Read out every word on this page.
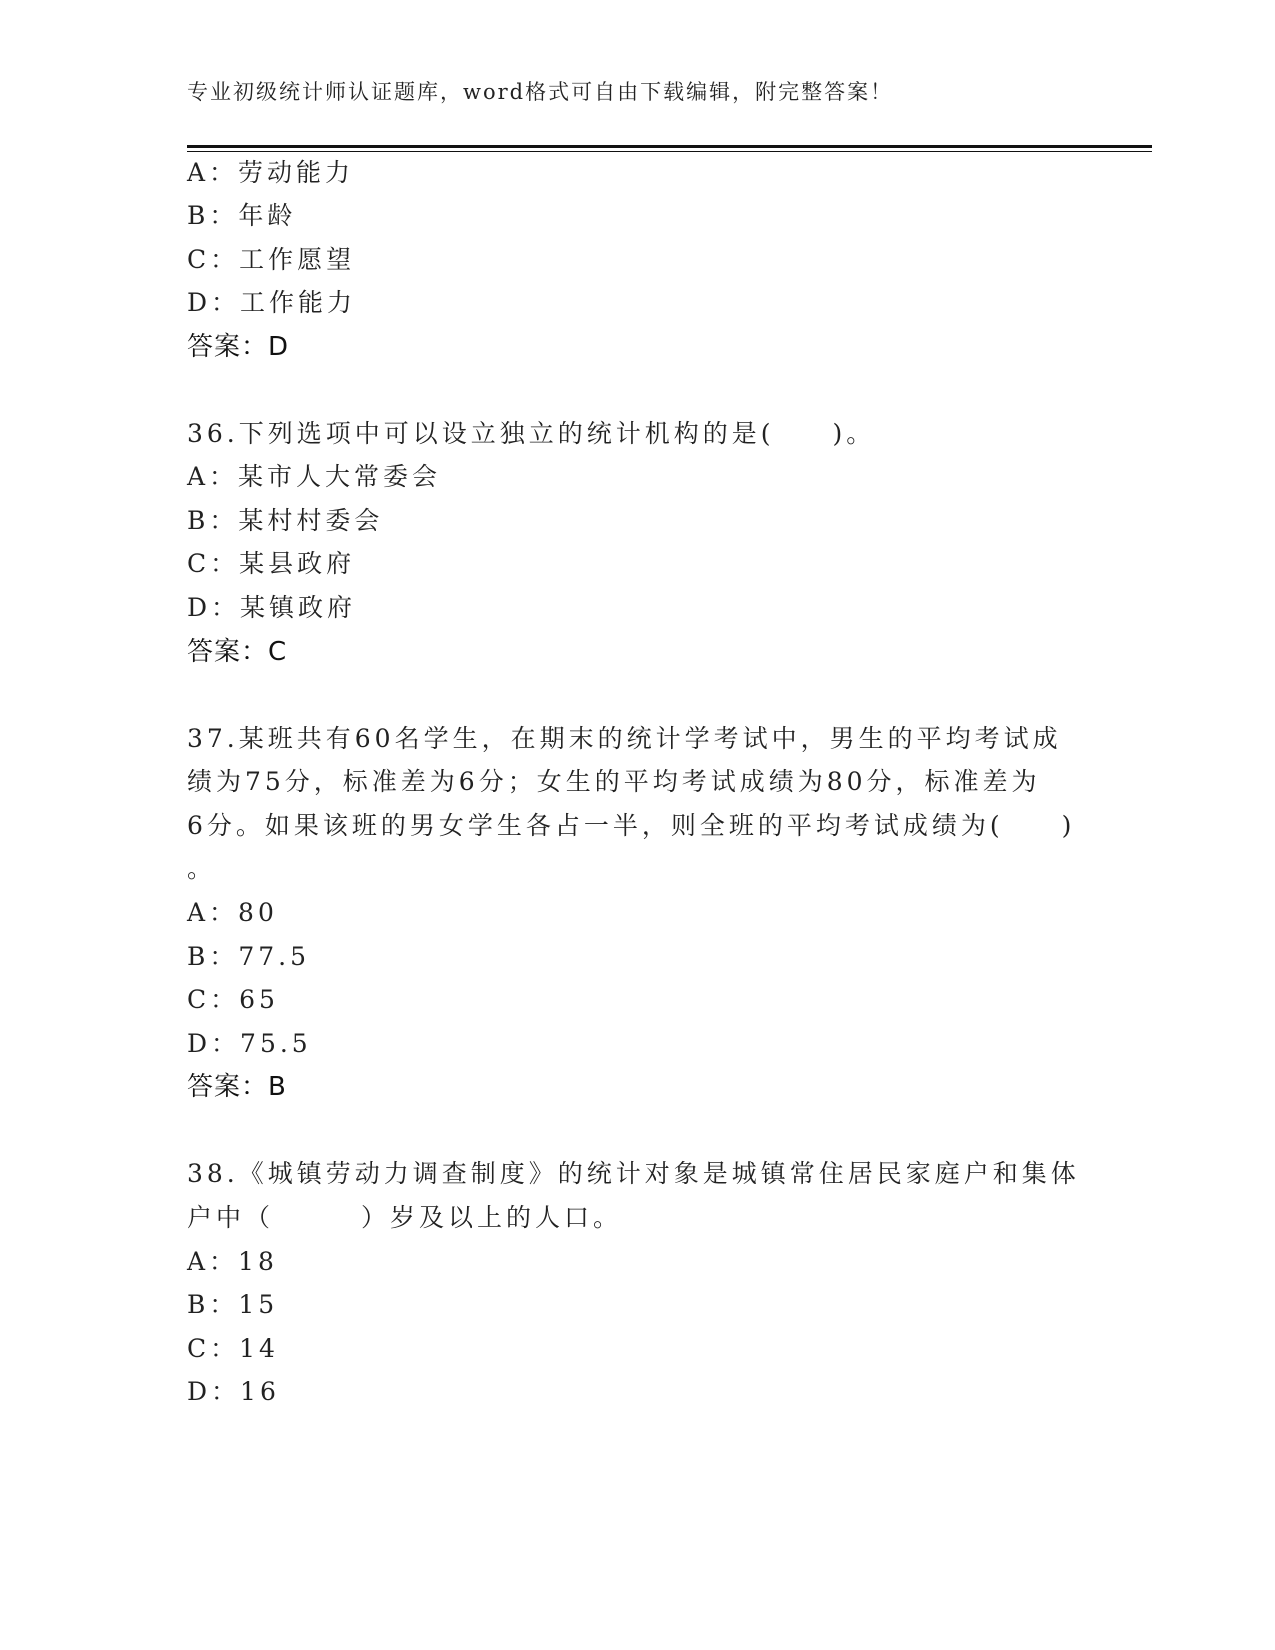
专业初级统计师认证题库，word格式可自由下载编辑，附完整答案！
A：劳动能力
B：年龄
C：工作愿望
D：工作能力
答案：D
36.下列选项中可以设立独立的统计机构的是(　　)。
A：某市人大常委会
B：某村村委会
C：某县政府
D：某镇政府
答案：C
37.某班共有60名学生，在期末的统计学考试中，男生的平均考试成
绩为75分，标准差为6分；女生的平均考试成绩为80分，标准差为
6分。如果该班的男女学生各占一半，则全班的平均考试成绩为(　　)
。
A：80
B：77.5
C：65
D：75.5
答案：B
38.《城镇劳动力调查制度》的统计对象是城镇常住居民家庭户和集体
户中（　　　）岁及以上的人口。
A：18
B：15
C：14
D：16
